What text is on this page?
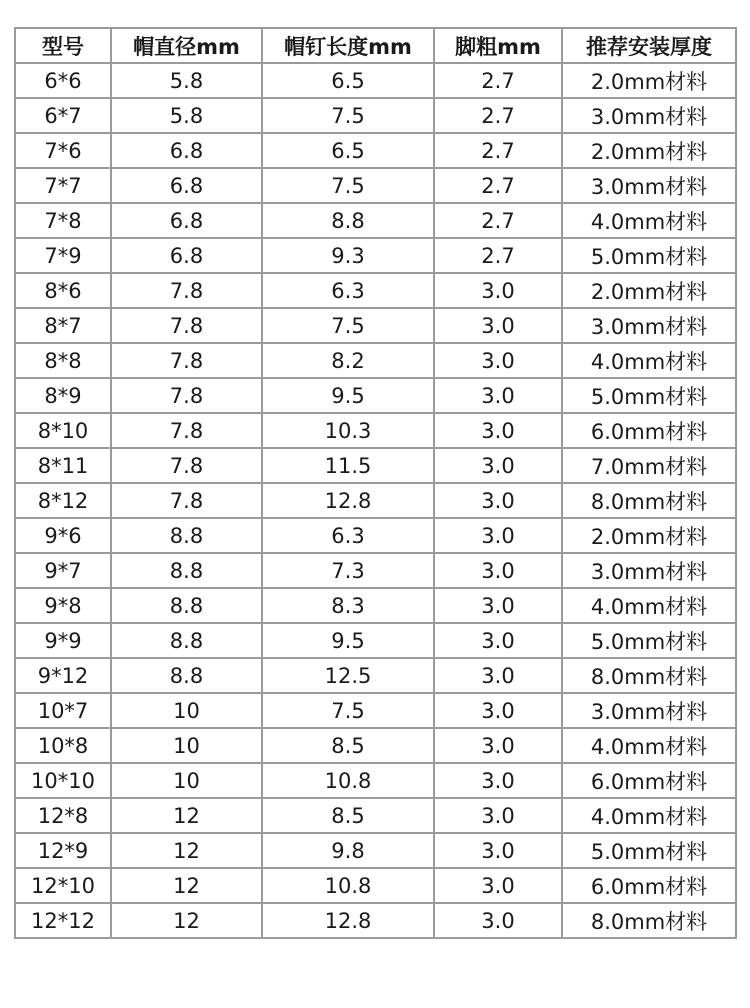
型号	帽直径mm	帽钉长度mm	脚粗mm	推荐安装厚度
6*6	5.8	6.5	2.7	2.0mm材料
6*7	5.8	7.5	2.7	3.0mm材料
7*6	6.8	6.5	2.7	2.0mm材料
7*7	6.8	7.5	2.7	3.0mm材料
7*8	6.8	8.8	2.7	4.0mm材料
7*9	6.8	9.3	2.7	5.0mm材料
8*6	7.8	6.3	3.0	2.0mm材料
8*7	7.8	7.5	3.0	3.0mm材料
8*8	7.8	8.2	3.0	4.0mm材料
8*9	7.8	9.5	3.0	5.0mm材料
8*10	7.8	10.3	3.0	6.0mm材料
8*11	7.8	11.5	3.0	7.0mm材料
8*12	7.8	12.8	3.0	8.0mm材料
9*6	8.8	6.3	3.0	2.0mm材料
9*7	8.8	7.3	3.0	3.0mm材料
9*8	8.8	8.3	3.0	4.0mm材料
9*9	8.8	9.5	3.0	5.0mm材料
9*12	8.8	12.5	3.0	8.0mm材料
10*7	10	7.5	3.0	3.0mm材料
10*8	10	8.5	3.0	4.0mm材料
10*10	10	10.8	3.0	6.0mm材料
12*8	12	8.5	3.0	4.0mm材料
12*9	12	9.8	3.0	5.0mm材料
12*10	12	10.8	3.0	6.0mm材料
12*12	12	12.8	3.0	8.0mm材料
